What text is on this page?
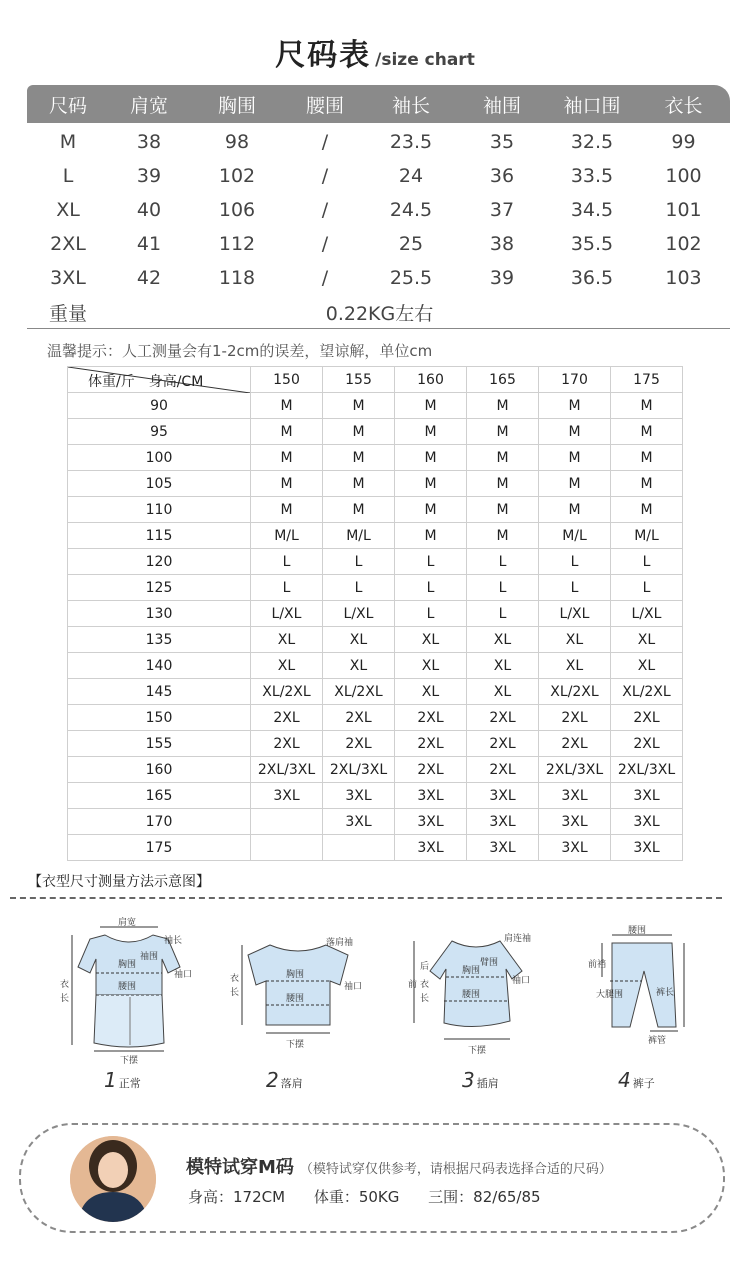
尺码表 /size chart
尺码	肩宽	胸围	腰围	袖长	袖围	袖口围	衣长
M	38	98	/	23.5	35	32.5	99
L	39	102	/	24	36	33.5	100
XL	40	106	/	24.5	37	34.5	101
2XL	41	112	/	25	38	35.5	102
3XL	42	118	/	25.5	39	36.5	103
重量	0.22KG左右
温馨提示：人工测量会有1-2cm的误差，望谅解，单位cm
体重/斤　身高/CM	150	155	160	165	170	175
90	M	M	M	M	M	M
95	M	M	M	M	M	M
100	M	M	M	M	M	M
105	M	M	M	M	M	M
110	M	M	M	M	M	M
115	M/L	M/L	M	M	M/L	M/L
120	L	L	L	L	L	L
125	L	L	L	L	L	L
130	L/XL	L/XL	L	L	L/XL	L/XL
135	XL	XL	XL	XL	XL	XL
140	XL	XL	XL	XL	XL	XL
145	XL/2XL	XL/2XL	XL	XL	XL/2XL	XL/2XL
150	2XL	2XL	2XL	2XL	2XL	2XL
155	2XL	2XL	2XL	2XL	2XL	2XL
160	2XL/3XL	2XL/3XL	2XL	2XL	2XL/3XL	2XL/3XL
165	3XL	3XL	3XL	3XL	3XL	3XL
170		3XL	3XL	3XL	3XL	3XL
175			3XL	3XL	3XL	3XL
【衣型尺寸测量方法示意图】
肩宽
袖长
胸围
袖围
袖口
腰围
衣
长
下摆
落肩袖
胸围
腰围
袖口
衣
长
下摆
肩连袖
臂围
胸围
袖口
腰围
后
前 衣
长
下摆
腰围
前裆
大腿围	裤长
裤管
1 正常	2 落肩	3 插肩	4 裤子
模特试穿M码 （模特试穿仅供参考，请根据尺码表选择合适的尺码）
身高：172CM 体重：50KG 三围：82/65/85
